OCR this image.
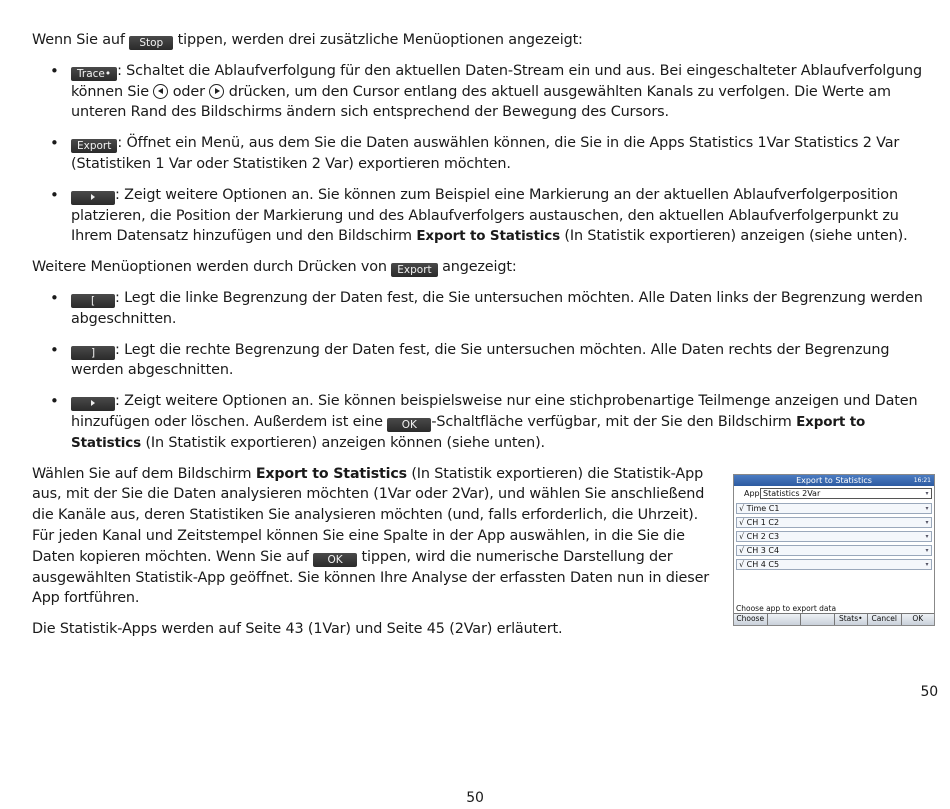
Wenn Sie auf Stop tippen, werden drei zusätzliche Menüoptionen angezeigt:

• Trace• : Schaltet die Ablaufverfolgung für den aktuellen Daten-Stream ein und aus. Bei eingeschalteter Ablaufverfolgung können Sie  oder  drücken, um den Cursor entlang des aktuell ausgewählten Kanals zu verfolgen. Die Werte am unteren Rand des Bildschirms ändern sich entsprechend der Bewegung des Cursors.
• Export : Öffnet ein Menü, aus dem Sie die Daten auswählen können, die Sie in die Apps Statistics 1Var Statistics 2 Var (Statistiken 1 Var oder Statistiken 2 Var) exportieren möchten.
• : Zeigt weitere Optionen an. Sie können zum Beispiel eine Markierung an der aktuellen Ablaufverfolgerposition platzieren, die Position der Markierung und des Ablaufverfolgers austauschen, den aktuellen Ablaufverfolgerpunkt zu Ihrem Datensatz hinzufügen und den Bildschirm Export to Statistics (In Statistik exportieren) anzeigen (siehe unten).

Weitere Menüoptionen werden durch Drücken von Export angezeigt:

• [ : Legt die linke Begrenzung der Daten fest, die Sie untersuchen möchten. Alle Daten links der Begrenzung werden abgeschnitten.
• ] : Legt die rechte Begrenzung der Daten fest, die Sie untersuchen möchten. Alle Daten rechts der Begrenzung werden abgeschnitten.
• : Zeigt weitere Optionen an. Sie können beispielsweise nur eine stichprobenartige Teilmenge anzeigen und Daten hinzufügen oder löschen. Außerdem ist eine OK -Schaltfläche verfügbar, mit der Sie den Bildschirm Export to Statistics (In Statistik exportieren) anzeigen können (siehe unten).

Wählen Sie auf dem Bildschirm Export to Statistics (In Statistik exportieren) die Statistik-App aus, mit der Sie die Daten analysieren möchten (1Var oder 2Var), und wählen Sie anschließend die Kanäle aus, deren Statistiken Sie analysieren möchten (und, falls erforderlich, die Uhrzeit). Für jeden Kanal und Zeitstempel können Sie eine Spalte in der App auswählen, in die Sie die Daten kopieren möchten. Wenn Sie auf OK tippen, wird die numerische Darstellung der ausgewählten Statistik-App geöffnet. Sie können Ihre Analyse der erfassten Daten nun in dieser App fortführen.

Die Statistik-Apps werden auf Seite 43 (1Var) und Seite 45 (2Var) erläutert.

Export to Statistics	16:21
App Statistics 2Var	▾
√ Time C1	▾
√ CH 1 C2	▾
√ CH 2 C3	▾
√ CH 3 C4	▾
√ CH 4 C5	▾
Choose app to export data
Choose	Stats•	Cancel	OK
50
50
